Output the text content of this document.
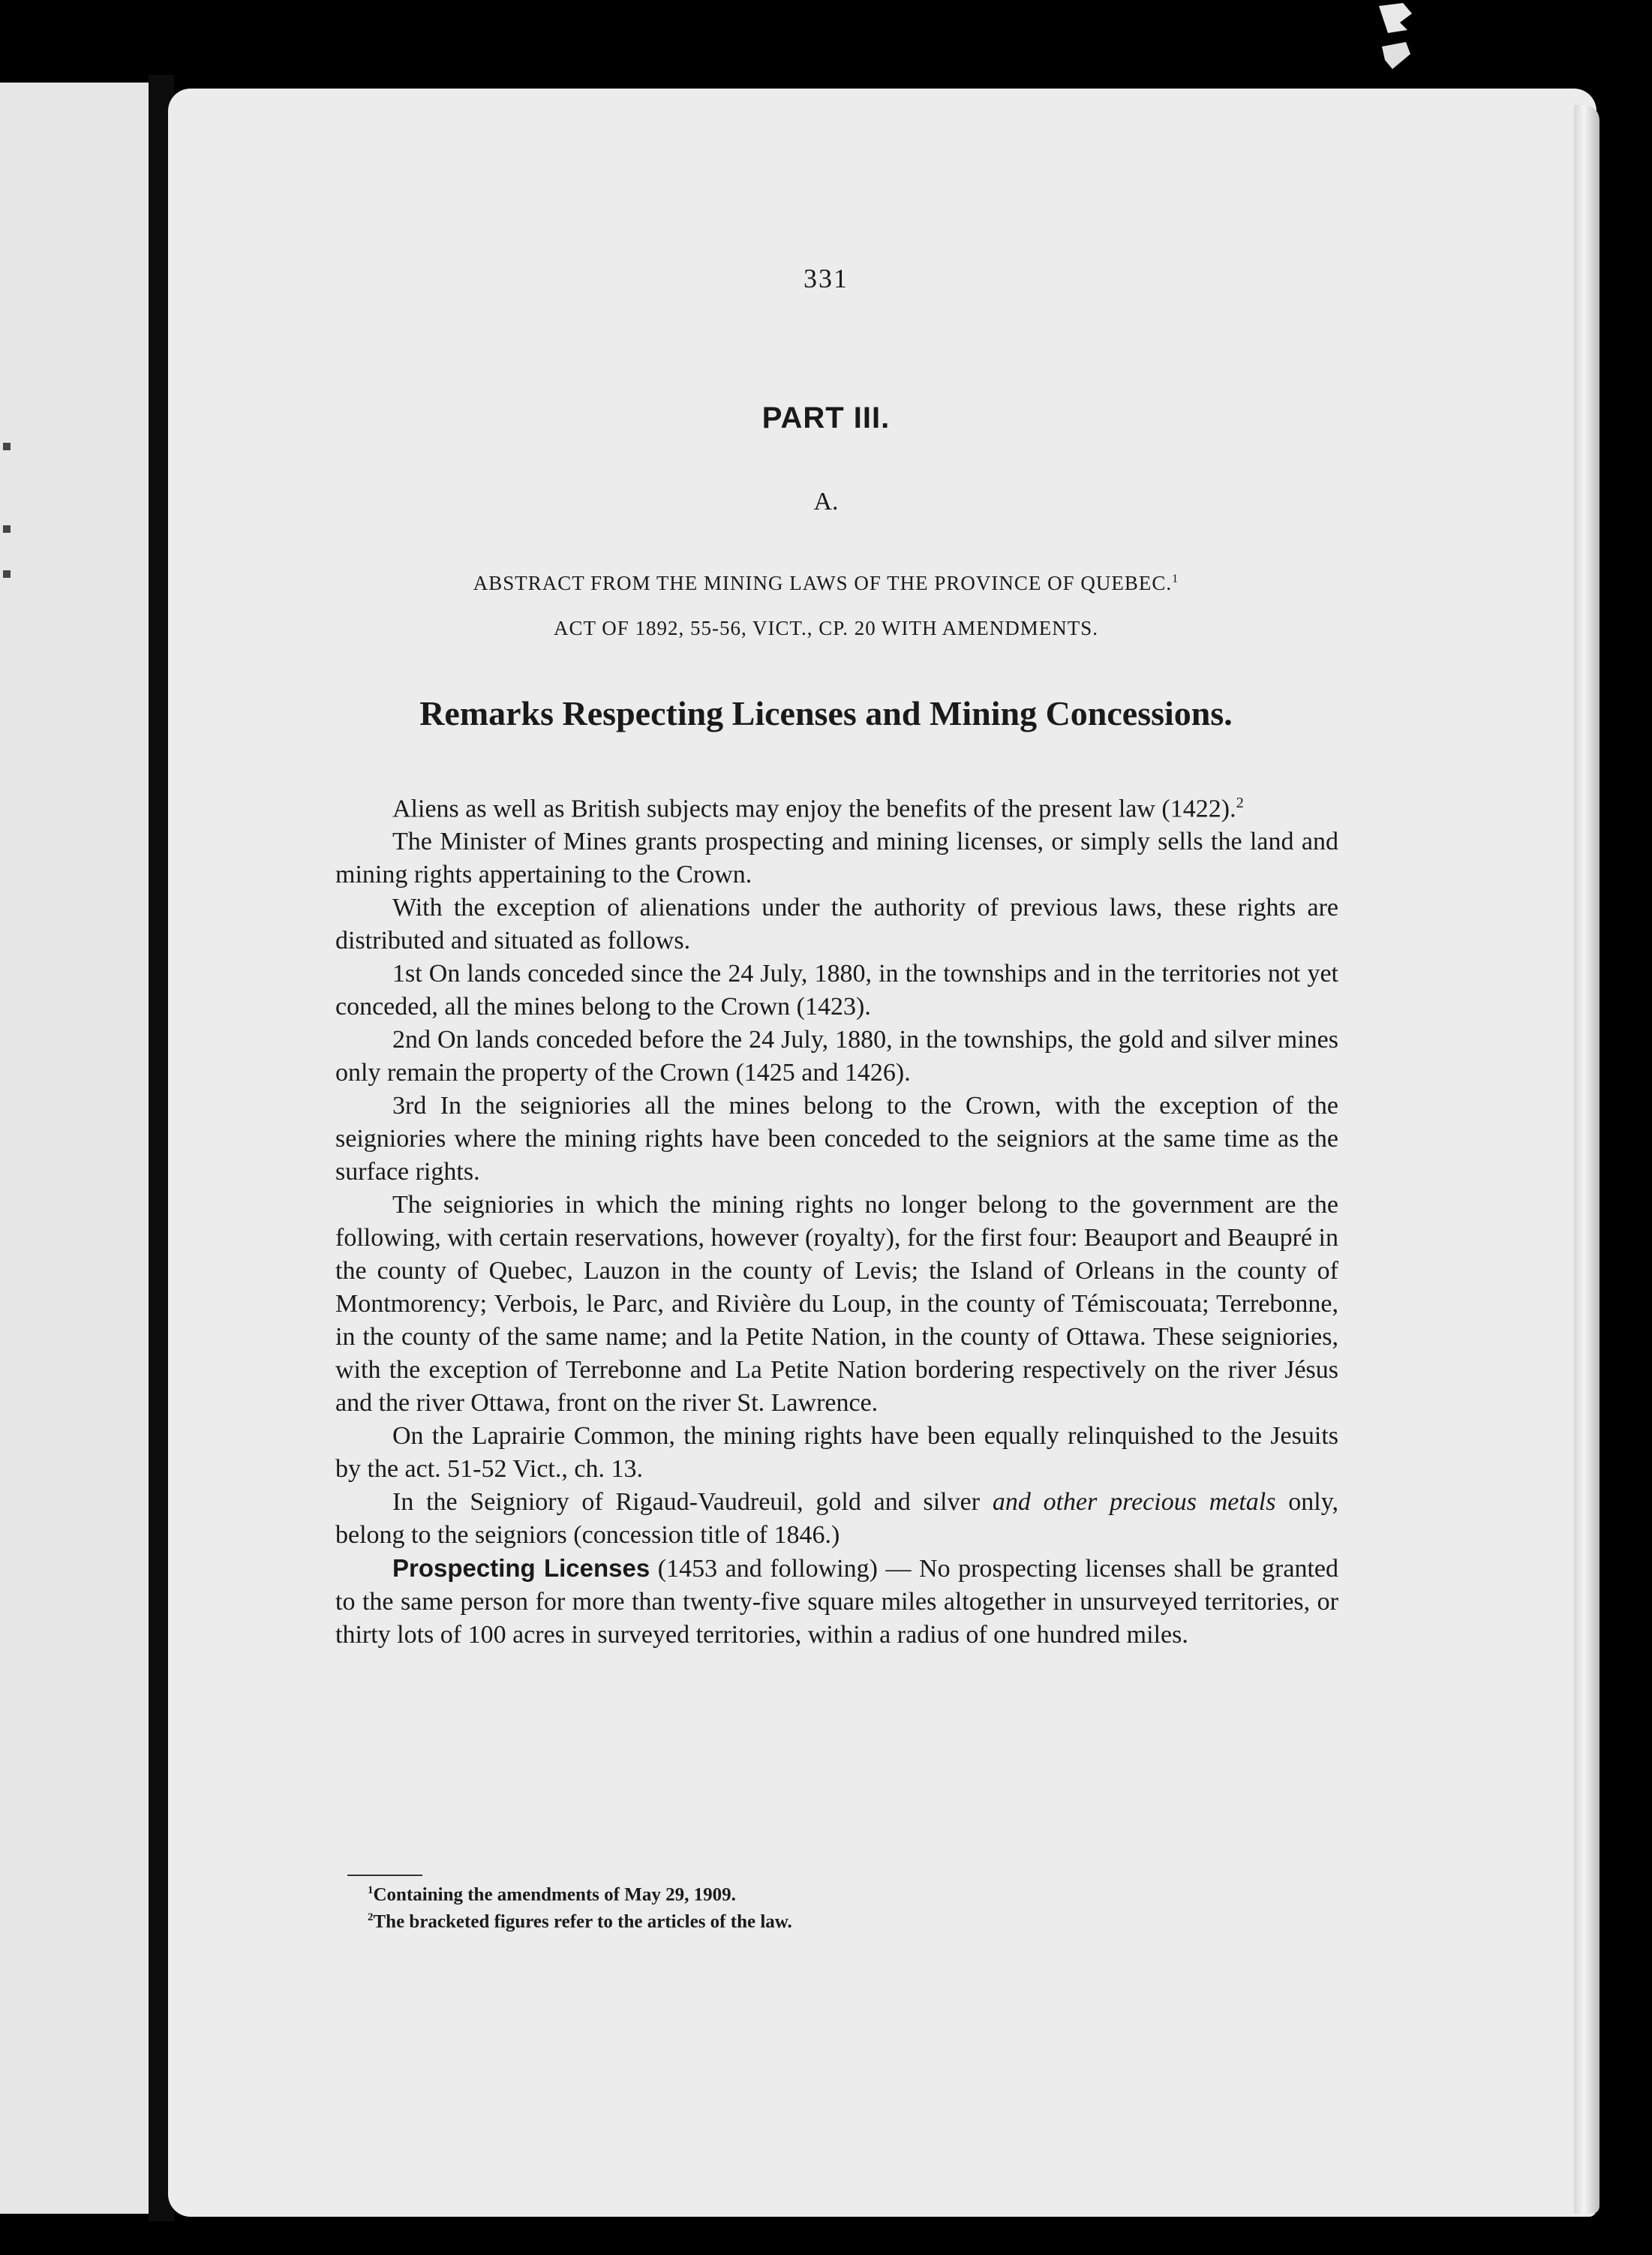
331
PART III.
A.
ABSTRACT FROM THE MINING LAWS OF THE PROVINCE OF QUEBEC.$^1$
ACT OF 1892, 55-56, VICT., CP. 20 WITH AMENDMENTS.
Remarks Respecting Licenses and Mining Concessions.

Aliens as well as British subjects may enjoy the benefits of the present law (1422).$^2$

The Minister of Mines grants prospecting and mining licenses, or simply sells the land and mining rights appertaining to the Crown.

With the exception of alienations under the authority of previous laws, these rights are distributed and situated as follows.

1st On lands conceded since the 24 July, 1880, in the townships and in the territories not yet conceded, all the mines belong to the Crown (1423).

2nd On lands conceded before the 24 July, 1880, in the townships, the gold and silver mines only remain the property of the Crown (1425 and 1426).

3rd In the seigniories all the mines belong to the Crown, with the exception of the seigniories where the mining rights have been conceded to the seigniors at the same time as the surface rights.

The seigniories in which the mining rights no longer belong to the government are the following, with certain reservations, however (royalty), for the first four: Beauport and Beaupré in the county of Quebec, Lauzon in the county of Levis; the Island of Orleans in the county of Montmorency; Verbois, le Parc, and Rivière du Loup, in the county of Témiscouata; Terrebonne, in the county of the same name; and la Petite Nation, in the county of Ottawa. These seigniories, with the exception of Terrebonne and La Petite Nation bordering respectively on the river Jésus and the river Ottawa, front on the river St. Lawrence.

On the Laprairie Common, the mining rights have been equally relinquished to the Jesuits by the act. 51-52 Vict., ch. 13.

In the Seigniory of Rigaud-Vaudreuil, gold and silver and other precious metals only, belong to the seigniors (concession title of 1846.)

Prospecting Licenses (1453 and following) — No prospecting licenses shall be granted to the same person for more than twenty-five square miles altogether in unsurveyed territories, or thirty lots of 100 acres in surveyed territories, within a radius of one hundred miles.

$^1$Containing the amendments of May 29, 1909.
$^2$The bracketed figures refer to the articles of the law.
